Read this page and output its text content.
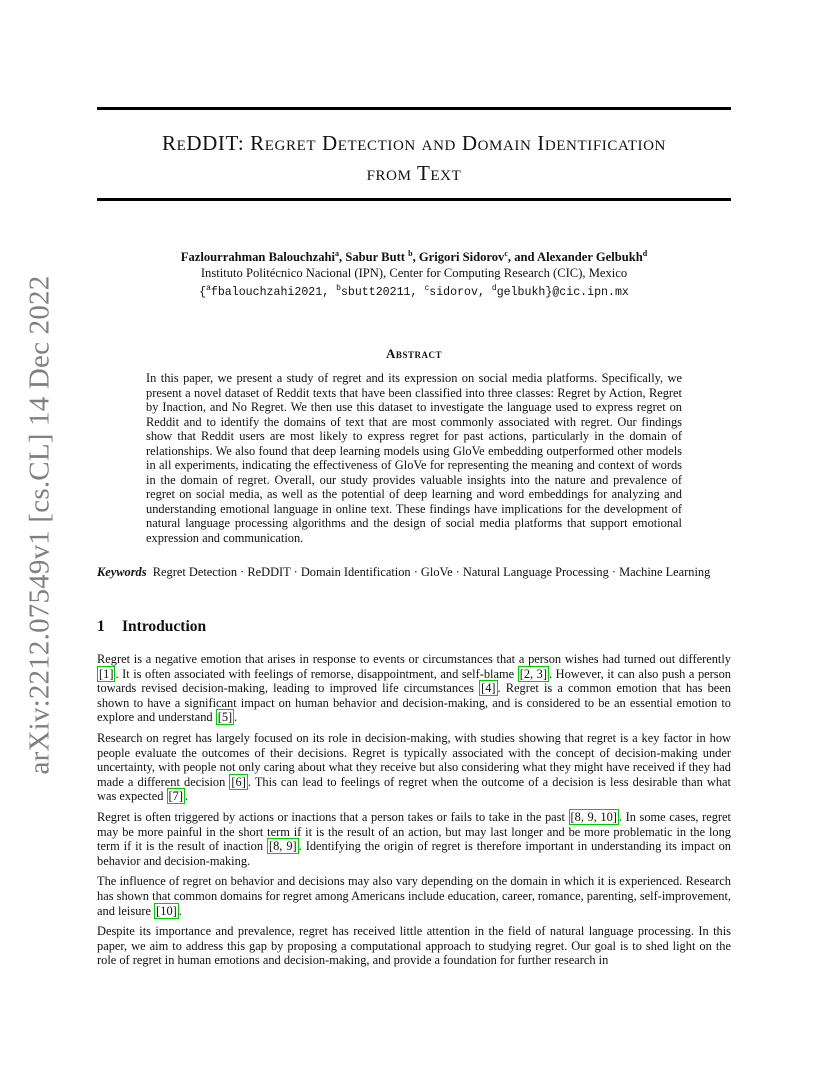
arXiv:2212.07549v1 [cs.CL] 14 Dec 2022
ReDDIT: Regret Detection and Domain Identification
from Text
Fazlourrahman Balouchzahi$^a$, Sabur Butt $^b$, Grigori Sidorov$^c$, and Alexander Gelbukh$^d$
Instituto Politécnico Nacional (IPN), Center for Computing Research (CIC), Mexico
{$^a$fbalouchzahi2021, $^b$sbutt20211, $^c$sidorov, $^d$gelbukh}@cic.ipn.mx
Abstract
In this paper, we present a study of regret and its expression on social media platforms. Specifically, we present a novel dataset of Reddit texts that have been classified into three classes: Regret by Action, Regret by Inaction, and No Regret. We then use this dataset to investigate the language used to express regret on Reddit and to identify the domains of text that are most commonly associated with regret. Our findings show that Reddit users are most likely to express regret for past actions, particularly in the domain of relationships. We also found that deep learning models using GloVe embedding outperformed other models in all experiments, indicating the effectiveness of GloVe for representing the meaning and context of words in the domain of regret. Overall, our study provides valuable insights into the nature and prevalence of regret on social media, as well as the potential of deep learning and word embeddings for analyzing and understanding emotional language in online text. These findings have implications for the development of natural language processing algorithms and the design of social media platforms that support emotional expression and communication.
Keywords Regret Detection · ReDDIT · Domain Identification · GloVe · Natural Language Processing · Machine Learning
1 Introduction

Regret is a negative emotion that arises in response to events or circumstances that a person wishes had turned out differently [1] . It is often associated with feelings of remorse, disappointment, and self-blame [2, 3] . However, it can also push a person towards revised decision-making, leading to improved life circumstances [4] . Regret is a common emotion that has been shown to have a significant impact on human behavior and decision-making, and is considered to be an essential emotion to explore and understand [5] .

Research on regret has largely focused on its role in decision-making, with studies showing that regret is a key factor in how people evaluate the outcomes of their decisions. Regret is typically associated with the concept of decision-making under uncertainty, with people not only caring about what they receive but also considering what they might have received if they had made a different decision [6] . This can lead to feelings of regret when the outcome of a decision is less desirable than what was expected [7] .

Regret is often triggered by actions or inactions that a person takes or fails to take in the past [8, 9, 10] . In some cases, regret may be more painful in the short term if it is the result of an action, but may last longer and be more problematic in the long term if it is the result of inaction [8, 9] . Identifying the origin of regret is therefore important in understanding its impact on behavior and decision-making.

The influence of regret on behavior and decisions may also vary depending on the domain in which it is experienced. Research has shown that common domains for regret among Americans include education, career, romance, parenting, self-improvement, and leisure [10] .

Despite its importance and prevalence, regret has received little attention in the field of natural language processing. In this paper, we aim to address this gap by proposing a computational approach to studying regret. Our goal is to shed light on the role of regret in human emotions and decision-making, and provide a foundation for further research in
